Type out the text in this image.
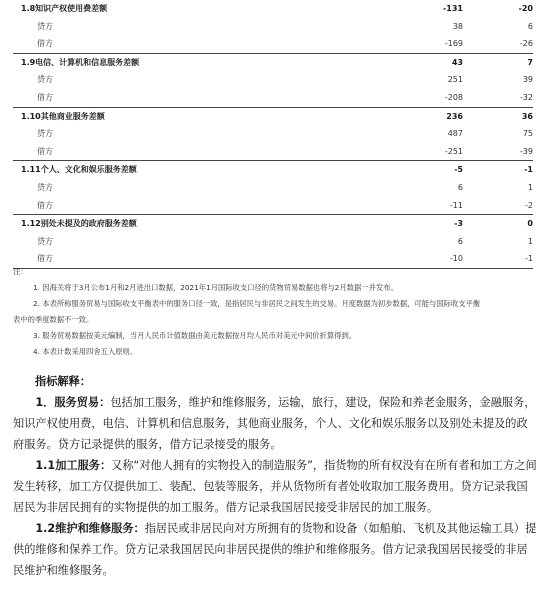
1.8知识产权使用费差额	-131	-20
贷方	38	6
借方	-169	-26
1.9电信、计算机和信息服务差额	43	7
贷方	251	39
借方	-208	-32
1.10其他商业服务差额	236	36
贷方	487	75
借方	-251	-39
1.11个人、文化和娱乐服务差额	-5	-1
贷方	6	1
借方	-11	-2
1.12别处未提及的政府服务差额	-3	0
贷方	6	1
借方	-10	-1

注：

1. 因海关将于3月公布1月和2月进出口数据，2021年1月国际收支口径的货物贸易数据也将与2月数据一并发布。

2. 本表所称服务贸易与国际收支平衡表中的服务口径一致，是指居民与非居民之间发生的交易。月度数据为初步数据，可能与国际收支平衡

表中的季度数据不一致。

3. 服务贸易数据按美元编制，当月人民币计值数据由美元数据按月均人民币对美元中间价折算得到。

4. 本表计数采用四舍五入原则。

指标解释：

1．服务贸易：包括加工服务，维护和维修服务，运输，旅行，建设，保险和养老金服务，金融服务，知识产权使用费，电信、计算机和信息服务，其他商业服务，个人、文化和娱乐服务以及别处未提及的政府服务。贷方记录提供的服务，借方记录接受的服务。

1.1加工服务：又称“对他人拥有的实物投入的制造服务”，指货物的所有权没有在所有者和加工方之间发生转移，加工方仅提供加工、装配、包装等服务，并从货物所有者处收取加工服务费用。贷方记录我国居民为非居民拥有的实物提供的加工服务。借方记录我国居民接受非居民的加工服务。

1.2维护和维修服务：指居民或非居民向对方所拥有的货物和设备（如船舶、飞机及其他运输工具）提供的维修和保养工作。贷方记录我国居民向非居民提供的维护和维修服务。借方记录我国居民接受的非居民维护和维修服务。
